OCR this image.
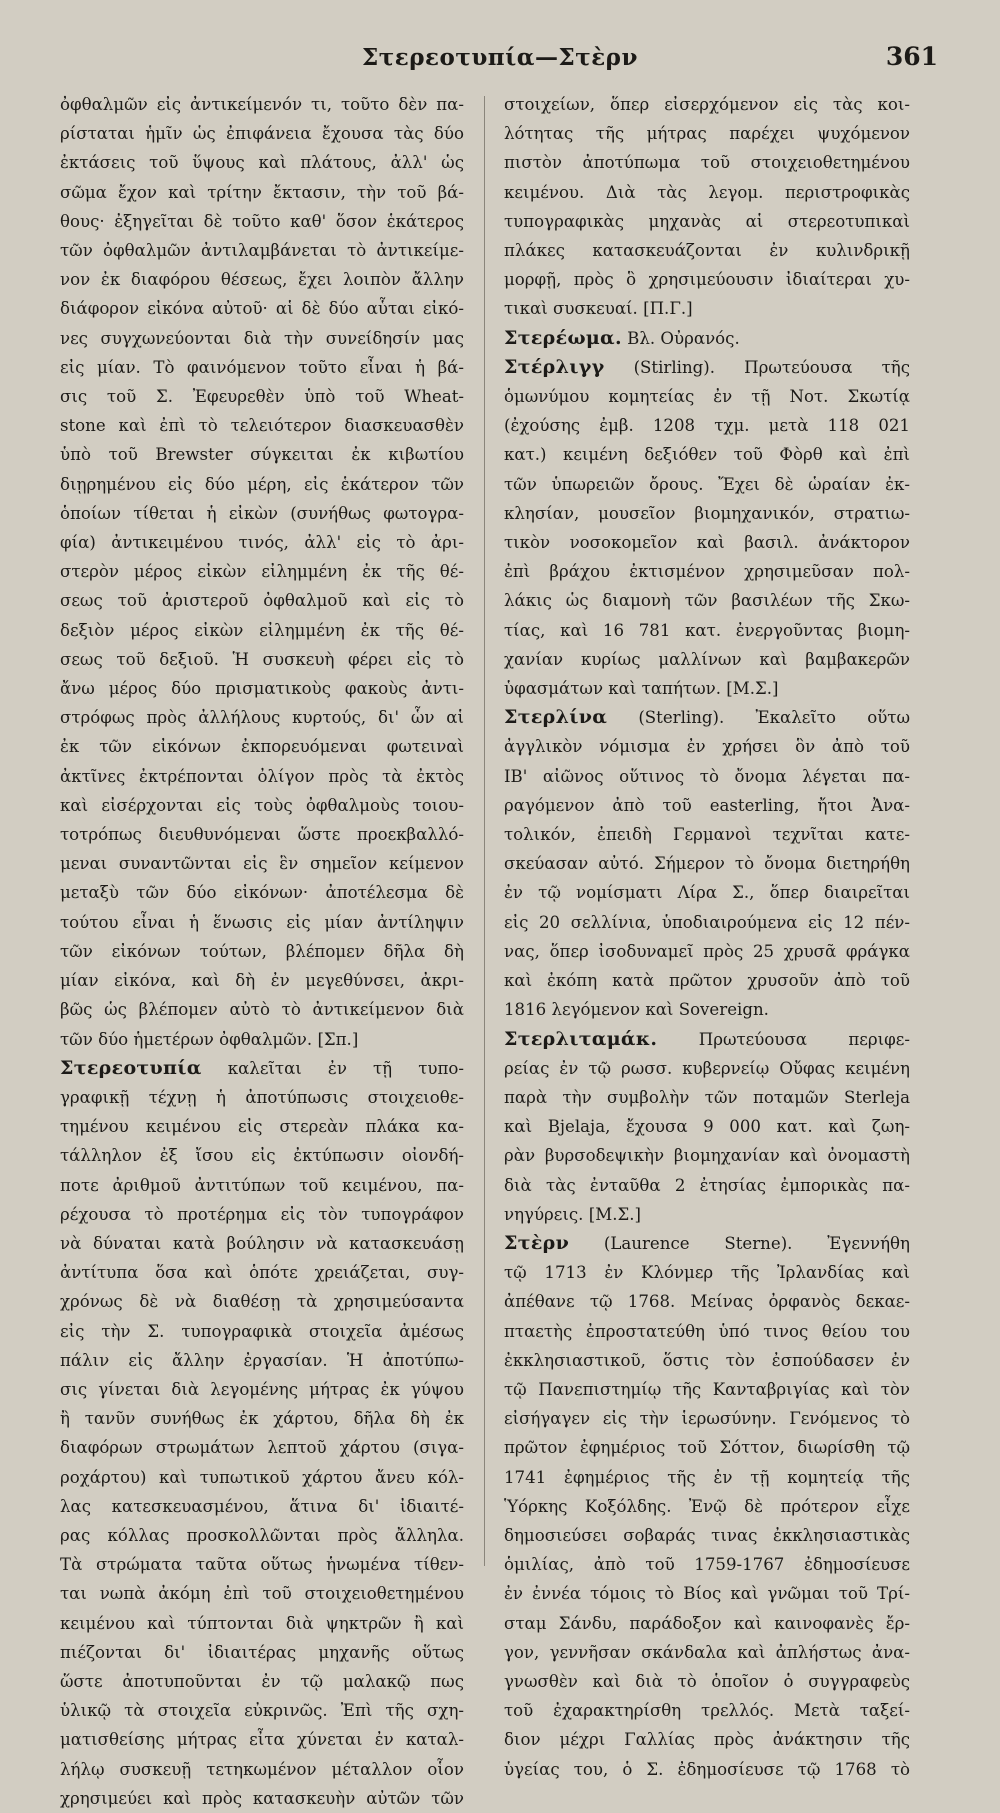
Στερεοτυπία—Στὲρν	361
ὀφθαλμῶν εἰς ἀντικείμενόν τι, τοῦτο δὲν πα-
ρίσταται ἡμῖν ὡς ἐπιφάνεια ἔχουσα τὰς δύο
ἐκτάσεις τοῦ ὕψους καὶ πλάτους, ἀλλ' ὡς
σῶμα ἔχον καὶ τρίτην ἔκτασιν, τὴν τοῦ βά-
θους· ἐξηγεῖται δὲ τοῦτο καθ' ὅσον ἑκάτερος
τῶν ὀφθαλμῶν ἀντιλαμβάνεται τὸ ἀντικείμε-
νον ἐκ διαφόρου θέσεως, ἔχει λοιπὸν ἄλλην
διάφορον εἰκόνα αὐτοῦ· αἱ δὲ δύο αὗται εἰκό-
νες συγχωνεύονται διὰ τὴν συνείδησίν μας
εἰς μίαν. Τὸ φαινόμενον τοῦτο εἶναι ἡ βά-
σις τοῦ Σ. Ἐφευρεθὲν ὑπὸ τοῦ Wheat-
stone καὶ ἐπὶ τὸ τελειότερον διασκευασθὲν
ὑπὸ τοῦ Brewster σύγκειται ἐκ κιβωτίου
διῃρημένου εἰς δύο μέρη, εἰς ἑκάτερον τῶν
ὁποίων τίθεται ἡ εἰκὼν (συνήθως φωτογρα-
φία) ἀντικειμένου τινός, ἀλλ' εἰς τὸ ἀρι-
στερὸν μέρος εἰκὼν εἰλημμένη ἐκ τῆς θέ-
σεως τοῦ ἀριστεροῦ ὀφθαλμοῦ καὶ εἰς τὸ
δεξιὸν μέρος εἰκὼν εἰλημμένη ἐκ τῆς θέ-
σεως τοῦ δεξιοῦ. Ἡ συσκευὴ φέρει εἰς τὸ
ἄνω μέρος δύο πρισματικοὺς φακοὺς ἀντι-
στρόφως πρὸς ἀλλήλους κυρτούς, δι' ὧν αἱ
ἐκ τῶν εἰκόνων ἐκπορευόμεναι φωτειναὶ
ἀκτῖνες ἐκτρέπονται ὀλίγον πρὸς τὰ ἐκτὸς
καὶ εἰσέρχονται εἰς τοὺς ὀφθαλμοὺς τοιου-
τοτρόπως διευθυνόμεναι ὥστε προεκβαλλό-
μεναι συναντῶνται εἰς ἓν σημεῖον κείμενον
μεταξὺ τῶν δύο εἰκόνων· ἀποτέλεσμα δὲ
τούτου εἶναι ἡ ἕνωσις εἰς μίαν ἀντίληψιν
τῶν εἰκόνων τούτων, βλέπομεν δῆλα δὴ
μίαν εἰκόνα, καὶ δὴ ἐν μεγεθύνσει, ἀκρι-
βῶς ὡς βλέπομεν αὐτὸ τὸ ἀντικείμενον διὰ
τῶν δύο ἡμετέρων ὀφθαλμῶν. [Σπ.]
Στερεοτυπία καλεῖται ἐν τῇ τυπο-
γραφικῇ τέχνῃ ἡ ἀποτύπωσις στοιχειοθε-
τημένου κειμένου εἰς στερεὰν πλάκα κα-
τάλληλον ἐξ ἴσου εἰς ἐκτύπωσιν οἰονδή-
ποτε ἀριθμοῦ ἀντιτύπων τοῦ κειμένου, πα-
ρέχουσα τὸ προτέρημα εἰς τὸν τυπογράφον
νὰ δύναται κατὰ βούλησιν νὰ κατασκευάσῃ
ἀντίτυπα ὅσα καὶ ὁπότε χρειάζεται, συγ-
χρόνως δὲ νὰ διαθέσῃ τὰ χρησιμεύσαντα
εἰς τὴν Σ. τυπογραφικὰ στοιχεῖα ἀμέσως
πάλιν εἰς ἄλλην ἐργασίαν. Ἡ ἀποτύπω-
σις γίνεται διὰ λεγομένης μήτρας ἐκ γύψου
ἢ τανῦν συνήθως ἐκ χάρτου, δῆλα δὴ ἐκ
διαφόρων στρωμάτων λεπτοῦ χάρτου (σιγα-
ροχάρτου) καὶ τυπωτικοῦ χάρτου ἄνευ κόλ-
λας κατεσκευασμένου, ἅτινα δι' ἰδιαιτέ-
ρας κόλλας προσκολλῶνται πρὸς ἄλληλα.
Τὰ στρώματα ταῦτα οὕτως ἡνωμένα τίθεν-
ται νωπὰ ἀκόμη ἐπὶ τοῦ στοιχειοθετημένου
κειμένου καὶ τύπτονται διὰ ψηκτρῶν ἢ καὶ
πιέζονται δι' ἰδιαιτέρας μηχανῆς οὕτως
ὥστε ἀποτυποῦνται ἐν τῷ μαλακῷ πως
ὑλικῷ τὰ στοιχεῖα εὐκρινῶς. Ἐπὶ τῆς σχη-
ματισθείσης μήτρας εἶτα χύνεται ἐν καταλ-
λήλῳ συσκευῇ τετηκωμένον μέταλλον οἷον
χρησιμεύει καὶ πρὸς κατασκευὴν αὐτῶν τῶν
στοιχείων, ὅπερ εἰσερχόμενον εἰς τὰς κοι-
λότητας τῆς μήτρας παρέχει ψυχόμενον
πιστὸν ἀποτύπωμα τοῦ στοιχειοθετημένου
κειμένου. Διὰ τὰς λεγομ. περιστροφικὰς
τυπογραφικὰς μηχανὰς αἱ στερεοτυπικαὶ
πλάκες κατασκευάζονται ἐν κυλινδρικῇ
μορφῇ, πρὸς ὃ χρησιμεύουσιν ἰδιαίτεραι χυ-
τικαὶ συσκευαί. [Π.Γ.]
Στερέωμα. Βλ. Οὐρανός.
Στέρλιγγ (Stirling). Πρωτεύουσα τῆς
ὁμωνύμου κομητείας ἐν τῇ Νοτ. Σκωτίᾳ
(ἐχούσης ἐμβ. 1208 τχμ. μετὰ 118 021
κατ.) κειμένη δεξιόθεν τοῦ Φὸρθ καὶ ἐπὶ
τῶν ὑπωρειῶν ὄρους. Ἔχει δὲ ὡραίαν ἐκ-
κλησίαν, μουσεῖον βιομηχανικόν, στρατιω-
τικὸν νοσοκομεῖον καὶ βασιλ. ἀνάκτορον
ἐπὶ βράχου ἐκτισμένον χρησιμεῦσαν πολ-
λάκις ὡς διαμονὴ τῶν βασιλέων τῆς Σκω-
τίας, καὶ 16 781 κατ. ἐνεργοῦντας βιομη-
χανίαν κυρίως μαλλίνων καὶ βαμβακερῶν
ὑφασμάτων καὶ ταπήτων. [Μ.Σ.]
Στερλίνα (Sterling). Ἐκαλεῖτο οὕτω
ἀγγλικὸν νόμισμα ἐν χρήσει ὃν ἀπὸ τοῦ
ΙΒ' αἰῶνος οὕτινος τὸ ὄνομα λέγεται πα-
ραγόμενον ἀπὸ τοῦ easterling, ἤτοι Ἀνα-
τολικόν, ἐπειδὴ Γερμανοὶ τεχνῖται κατε-
σκεύασαν αὐτό. Σήμερον τὸ ὄνομα διετηρήθη
ἐν τῷ νομίσματι Λίρα Σ., ὅπερ διαιρεῖται
εἰς 20 σελλίνια, ὑποδιαιρούμενα εἰς 12 πέν-
νας, ὅπερ ἰσοδυναμεῖ πρὸς 25 χρυσᾶ φράγκα
καὶ ἐκόπη κατὰ πρῶτον χρυσοῦν ἀπὸ τοῦ
1816 λεγόμενον καὶ Sovereign.
Στερλιταμάκ. Πρωτεύουσα περιφε-
ρείας ἐν τῷ ρωσσ. κυβερνείῳ Οὔφας κειμένη
παρὰ τὴν συμβολὴν τῶν ποταμῶν Sterleja
καὶ Bjelaja, ἔχουσα 9 000 κατ. καὶ ζωη-
ρὰν βυρσοδεψικὴν βιομηχανίαν καὶ ὀνομαστὴ
διὰ τὰς ἐνταῦθα 2 ἐτησίας ἐμπορικὰς πα-
νηγύρεις. [Μ.Σ.]
Στὲρν (Laurence Sterne). Ἐγεννήθη
τῷ 1713 ἐν Κλόνμερ τῆς Ἰρλανδίας καὶ
ἀπέθανε τῷ 1768. Μείνας ὀρφανὸς δεκαε-
πταετὴς ἐπροστατεύθη ὑπό τινος θείου του
ἐκκλησιαστικοῦ, ὅστις τὸν ἐσπούδασεν ἐν
τῷ Πανεπιστημίῳ τῆς Κανταβριγίας καὶ τὸν
εἰσήγαγεν εἰς τὴν ἱερωσύνην. Γενόμενος τὸ
πρῶτον ἐφημέριος τοῦ Σόττον, διωρίσθη τῷ
1741 ἐφημέριος τῆς ἐν τῇ κομητείᾳ τῆς
Ὑόρκης Κοξόλδης. Ἐνῷ δὲ πρότερον εἶχε
δημοσιεύσει σοβαράς τινας ἐκκλησιαστικὰς
ὁμιλίας, ἀπὸ τοῦ 1759-1767 ἐδημοσίευσε
ἐν ἐννέα τόμοις τὸ Βίος καὶ γνῶμαι τοῦ Τρί-
σταμ Σάνδυ, παράδοξον καὶ καινοφανὲς ἔρ-
γον, γεννῆσαν σκάνδαλα καὶ ἀπλήστως ἀνα-
γνωσθὲν καὶ διὰ τὸ ὁποῖον ὁ συγγραφεὺς
τοῦ ἐχαρακτηρίσθη τρελλός. Μετὰ ταξεί-
διον μέχρι Γαλλίας πρὸς ἀνάκτησιν τῆς
ὑγείας του, ὁ Σ. ἐδημοσίευσε τῷ 1768 τὸ
